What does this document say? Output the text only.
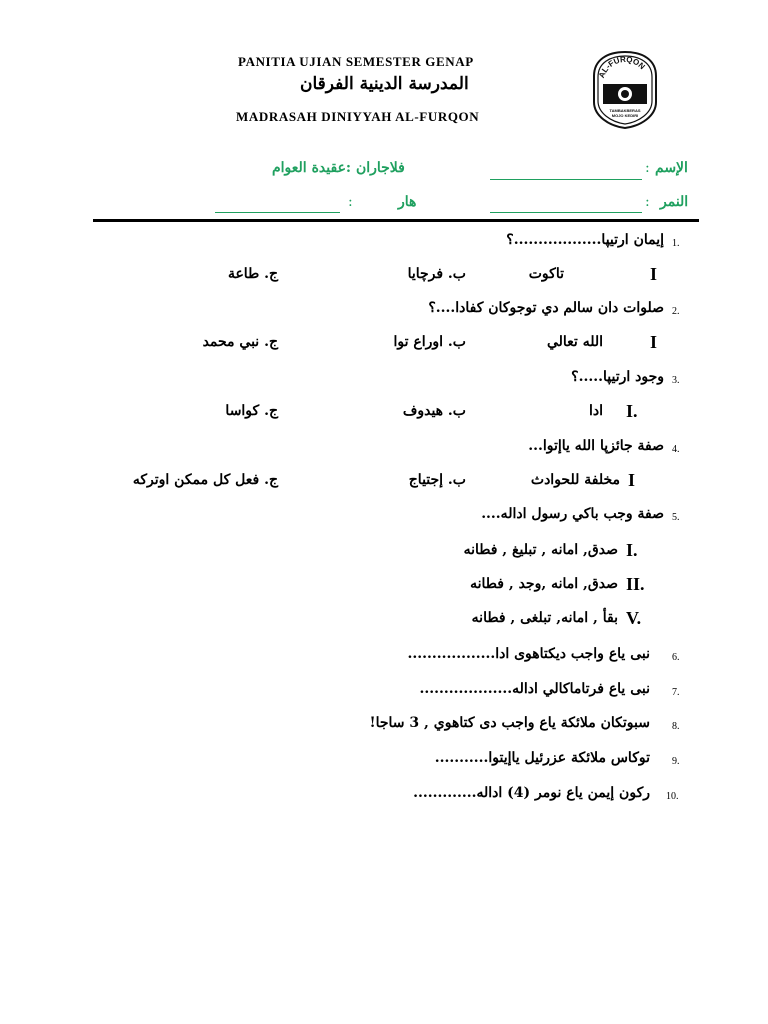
PANITIA UJIAN SEMESTER GENAP
المدرسة الدينية الفرقان
MADRASAH DINIYYAH AL-FURQON
AL-FURQON
TAMBAKBERAS
MOJO KEDIRI
الإسم
:
فلاجاران :عقيدة العوام
النمر
:
هار
:
1.
إيمان ارتيپا..................؟
I
تاكوت
ب. فرچايا
ج. طاعة
2.
صلوات دان سالم دي توجوكان كفادا....؟
I
الله تعالي
ب. اوراع توا
ج. نبي محمد
3.
وجود ارتيپا.....؟
I.
ادا
ب. هيدوف
ج. كواسا
4.
صفة جائزپا الله ياإتوا...
I
مخلفة للحوادث
ب. إجتياج
ج. فعل كل ممكن اوتركه
5.
صفة وجب باكي رسول اداله....
I.
صدق, امانه , تبليغ , فطانه
II.
صدق, امانه ,وجد , فطانه
V.
بقأ , امانه, تبلغى , فطانه
6.
نبى ياع واجب ديكتاهوى ادا..................
7.
نبى ياع فرتاماكالي اداله...................
8.
سبوتكان ملائكة ياع واجب دى كتاهوي , 3 ساجا!
9.
توكاس ملائكة عزرئيل ياإيتوا...........
10.
ركون إيمن ياع نومر (4) اداله.............
